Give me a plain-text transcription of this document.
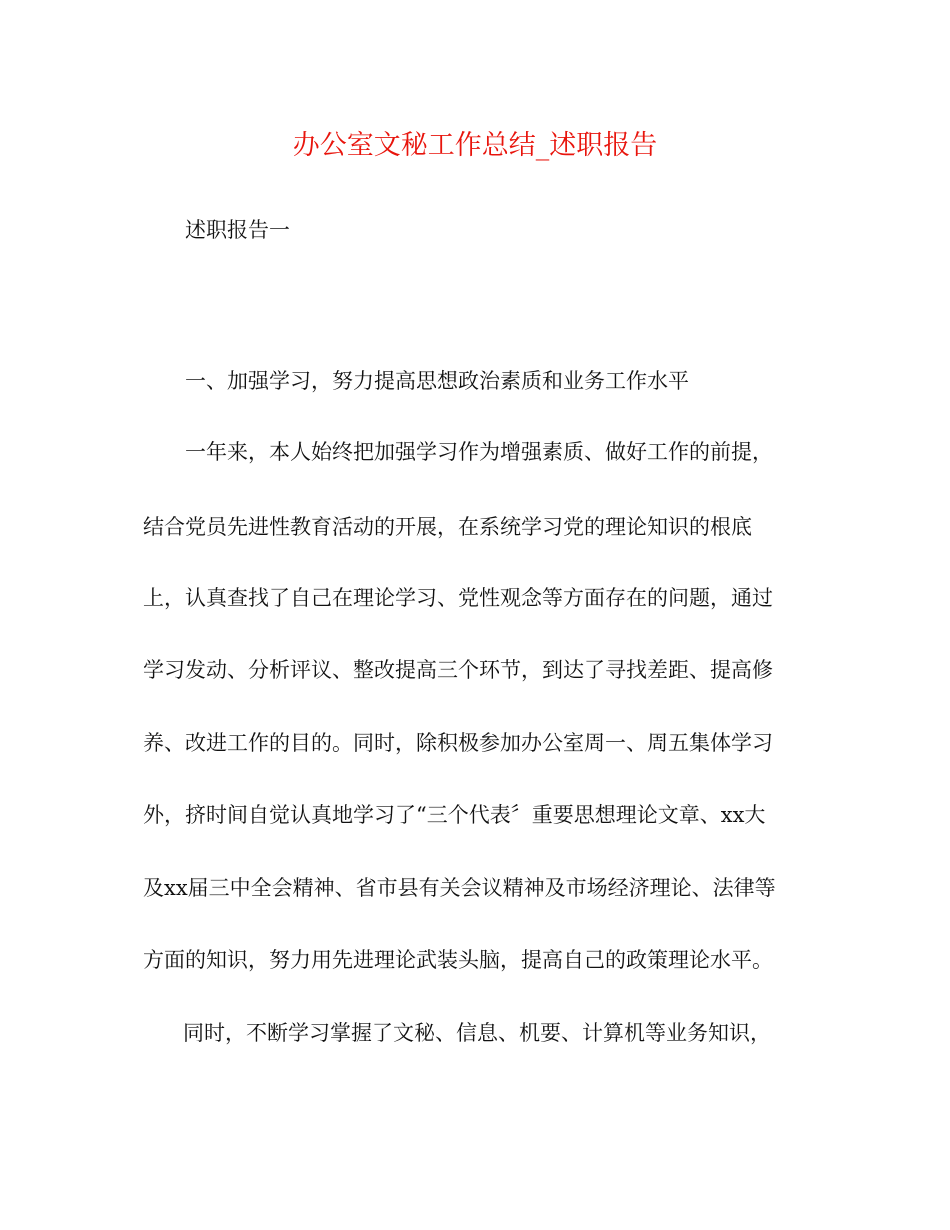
办公室文秘工作总结_述职报告
述职报告一
一、加强学习，努力提高思想政治素质和业务工作水平
一年来，本人始终把加强学习作为增强素质、做好工作的前提，
结合党员先进性教育活动的开展，在系统学习党的理论知识的根底
上，认真查找了自己在理论学习、党性观念等方面存在的问题，通过
学习发动、分析评议、整改提高三个环节，到达了寻找差距、提高修
养、改进工作的目的。同时，除积极参加办公室周一、周五集体学习
外，挤时间自觉认真地学习了“三个代表〞重要思想理论文章、xx大
及xx届三中全会精神、省市县有关会议精神及市场经济理论、法律等
方面的知识，努力用先进理论武装头脑，提高自己的政策理论水平。
同时，不断学习掌握了文秘、信息、机要、计算机等业务知识，
